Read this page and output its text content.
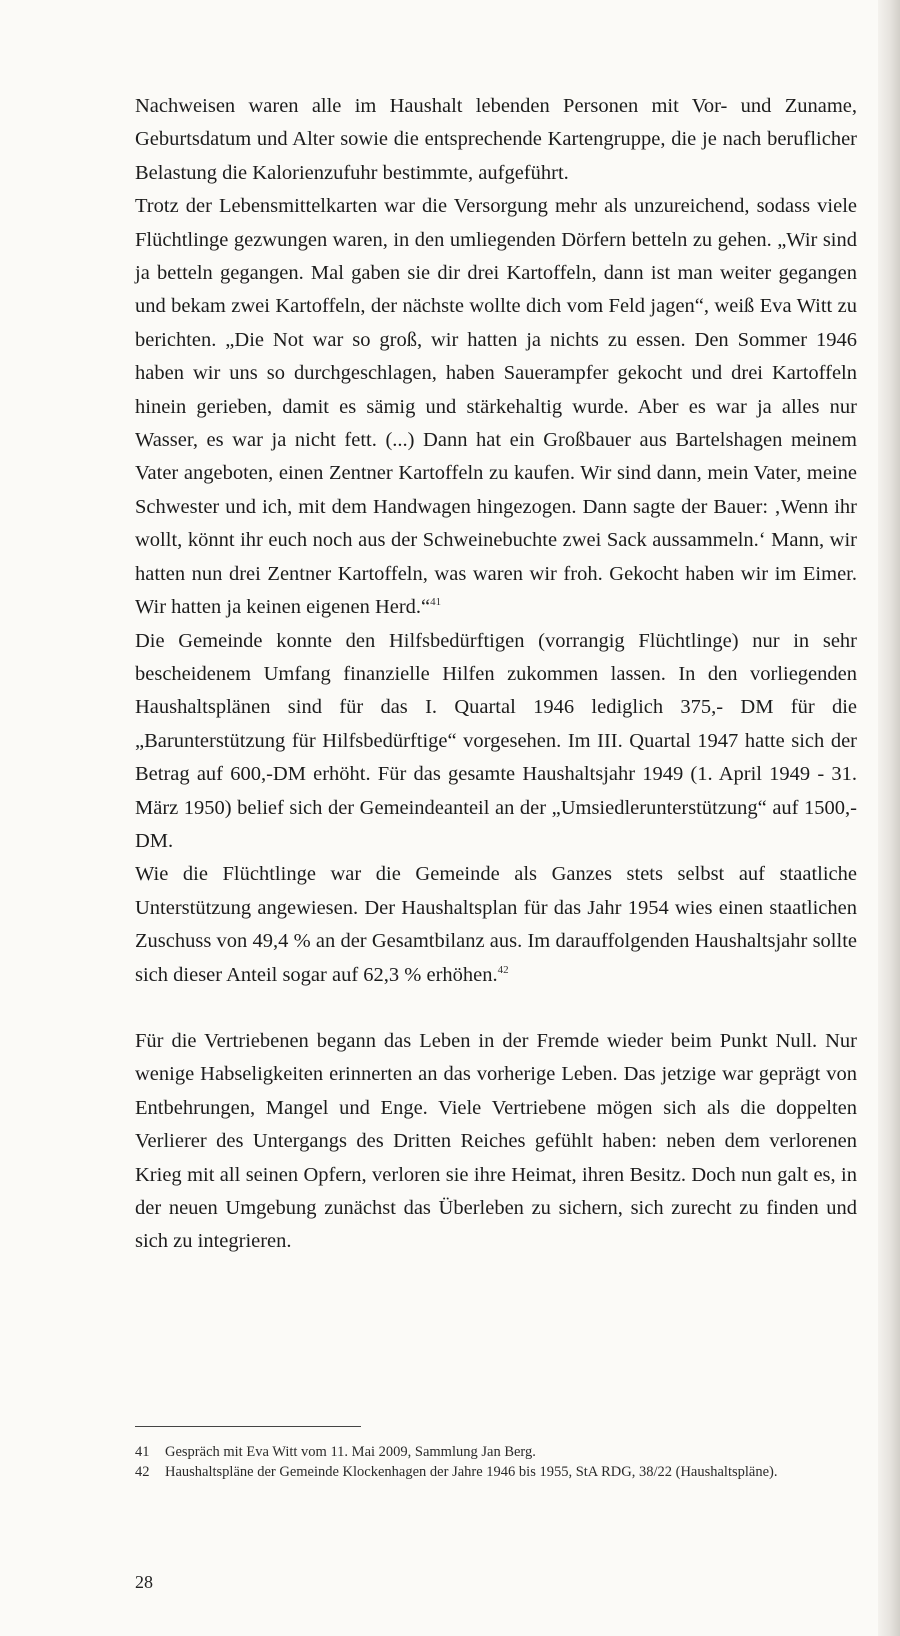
Nachweisen waren alle im Haushalt lebenden Personen mit Vor- und Zuname, Geburtsdatum und Alter sowie die entsprechende Kartengruppe, die je nach beruflicher Belastung die Kalorienzufuhr bestimmte, aufgeführt.

Trotz der Lebensmittelkarten war die Versorgung mehr als unzureichend, sodass viele Flüchtlinge gezwungen waren, in den umliegenden Dörfern betteln zu gehen. „Wir sind ja betteln gegangen. Mal gaben sie dir drei Kartoffeln, dann ist man weiter gegangen und bekam zwei Kartoffeln, der nächste wollte dich vom Feld jagen“, weiß Eva Witt zu berichten. „Die Not war so groß, wir hatten ja nichts zu essen. Den Sommer 1946 haben wir uns so durchgeschlagen, haben Sauerampfer gekocht und drei Kartoffeln hinein gerieben, damit es sämig und stärkehaltig wurde. Aber es war ja alles nur Wasser, es war ja nicht fett. (...) Dann hat ein Großbauer aus Bartelshagen meinem Vater angeboten, einen Zentner Kartoffeln zu kaufen. Wir sind dann, mein Vater, meine Schwester und ich, mit dem Handwagen hingezogen. Dann sagte der Bauer: ‚Wenn ihr wollt, könnt ihr euch noch aus der Schweinebuchte zwei Sack aussammeln.‘ Mann, wir hatten nun drei Zentner Kartoffeln, was waren wir froh. Gekocht haben wir im Eimer. Wir hatten ja keinen eigenen Herd.“$^{41}$

Die Gemeinde konnte den Hilfsbedürftigen (vorrangig Flüchtlinge) nur in sehr bescheidenem Umfang finanzielle Hilfen zukommen lassen. In den vorliegenden Haushaltsplänen sind für das I. Quartal 1946 lediglich 375,- DM für die „Barunterstützung für Hilfsbedürftige“ vorgesehen. Im III. Quartal 1947 hatte sich der Betrag auf 600,-DM erhöht. Für das gesamte Haushaltsjahr 1949 (1. April 1949 - 31. März 1950) belief sich der Gemeindeanteil an der „Umsiedlerunterstützung“ auf 1500,- DM.

Wie die Flüchtlinge war die Gemeinde als Ganzes stets selbst auf staatliche Unterstützung angewiesen. Der Haushaltsplan für das Jahr 1954 wies einen staatlichen Zuschuss von 49,4 % an der Gesamtbilanz aus. Im darauffolgenden Haushaltsjahr sollte sich dieser Anteil sogar auf 62,3 % erhöhen.$^{42}$

Für die Vertriebenen begann das Leben in der Fremde wieder beim Punkt Null. Nur wenige Habseligkeiten erinnerten an das vorherige Leben. Das jetzige war geprägt von Entbehrungen, Mangel und Enge. Viele Vertriebene mögen sich als die doppelten Verlierer des Untergangs des Dritten Reiches gefühlt haben: neben dem verlorenen Krieg mit all seinen Opfern, verloren sie ihre Heimat, ihren Besitz. Doch nun galt es, in der neuen Umgebung zunächst das Überleben zu sichern, sich zurecht zu finden und sich zu integrieren.

41	Gespräch mit Eva Witt vom 11. Mai 2009, Sammlung Jan Berg.
42	Haushaltspläne der Gemeinde Klockenhagen der Jahre 1946 bis 1955, StA RDG, 38/22 (Haushaltspläne).
28
